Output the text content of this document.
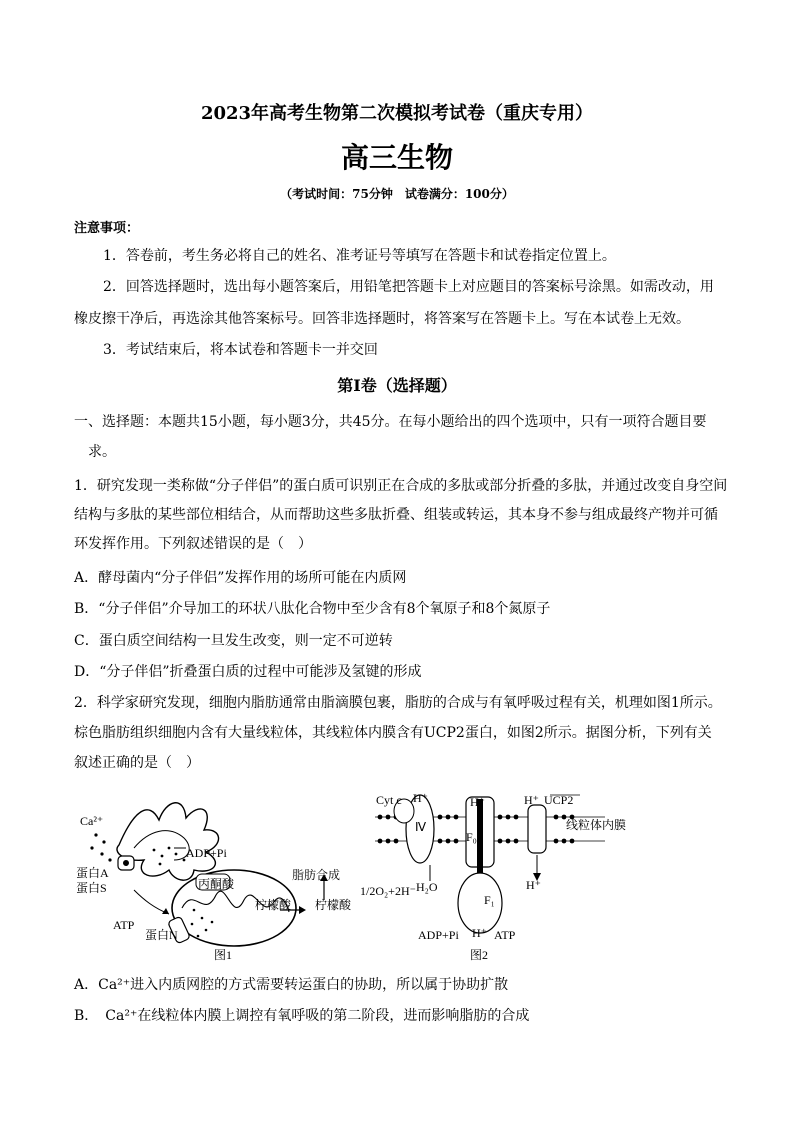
2023年高考生物第二次模拟考试卷（重庆专用）
高三生物
（考试时间：75分钟　试卷满分：100分）
注意事项：
1．答卷前，考生务必将自己的姓名、准考证号等填写在答题卡和试卷指定位置上。
2．回答选择题时，选出每小题答案后，用铅笔把答题卡上对应题目的答案标号涂黑。如需改动，用
橡皮擦干净后，再选涂其他答案标号。回答非选择题时，将答案写在答题卡上。写在本试卷上无效。
3．考试结束后，将本试卷和答题卡一并交回
第Ⅰ卷（选择题）
一、选择题：本题共15小题，每小题3分，共45分。在每小题给出的四个选项中，只有一项符合题目要
求。
1．研究发现一类称做“分子伴侣”的蛋白质可识别正在合成的多肽或部分折叠的多肽，并通过改变自身空间
结构与多肽的某些部位相结合，从而帮助这些多肽折叠、组装或转运，其本身不参与组成最终产物并可循
环发挥作用。下列叙述错误的是（　）
A．酵母菌内“分子伴侣”发挥作用的场所可能在内质网
B．“分子伴侣”介导加工的环状八肽化合物中至少含有8个氧原子和8个氮原子
C．蛋白质空间结构一旦发生改变，则一定不可逆转
D．“分子伴侣”折叠蛋白质的过程中可能涉及氢键的形成
2．科学家研究发现，细胞内脂肪通常由脂滴膜包裹，脂肪的合成与有氧呼吸过程有关，机理如图1所示。
棕色脂肪组织细胞内含有大量线粒体，其线粒体内膜含有UCP2蛋白，如图2所示。据图分析，下列有关
叙述正确的是（　）
Ca²⁺
蛋白A
蛋白S
ADP+Pi
ATP
蛋白N
丙酮酸
柠檬酸 柠檬酸
脂肪合成
图1
Cyt c H⁺	H⁺	H⁺ UCP2
线粒体内膜
Ⅳ
F₀
F₁
1/2O₂+2H⁻ H₂O	H⁺
ADP+Pi H⁺ ATP
图2
A．Ca²⁺进入内质网腔的方式需要转运蛋白的协助，所以属于协助扩散
B．　Ca²⁺在线粒体内膜上调控有氧呼吸的第二阶段，进而影响脂肪的合成
